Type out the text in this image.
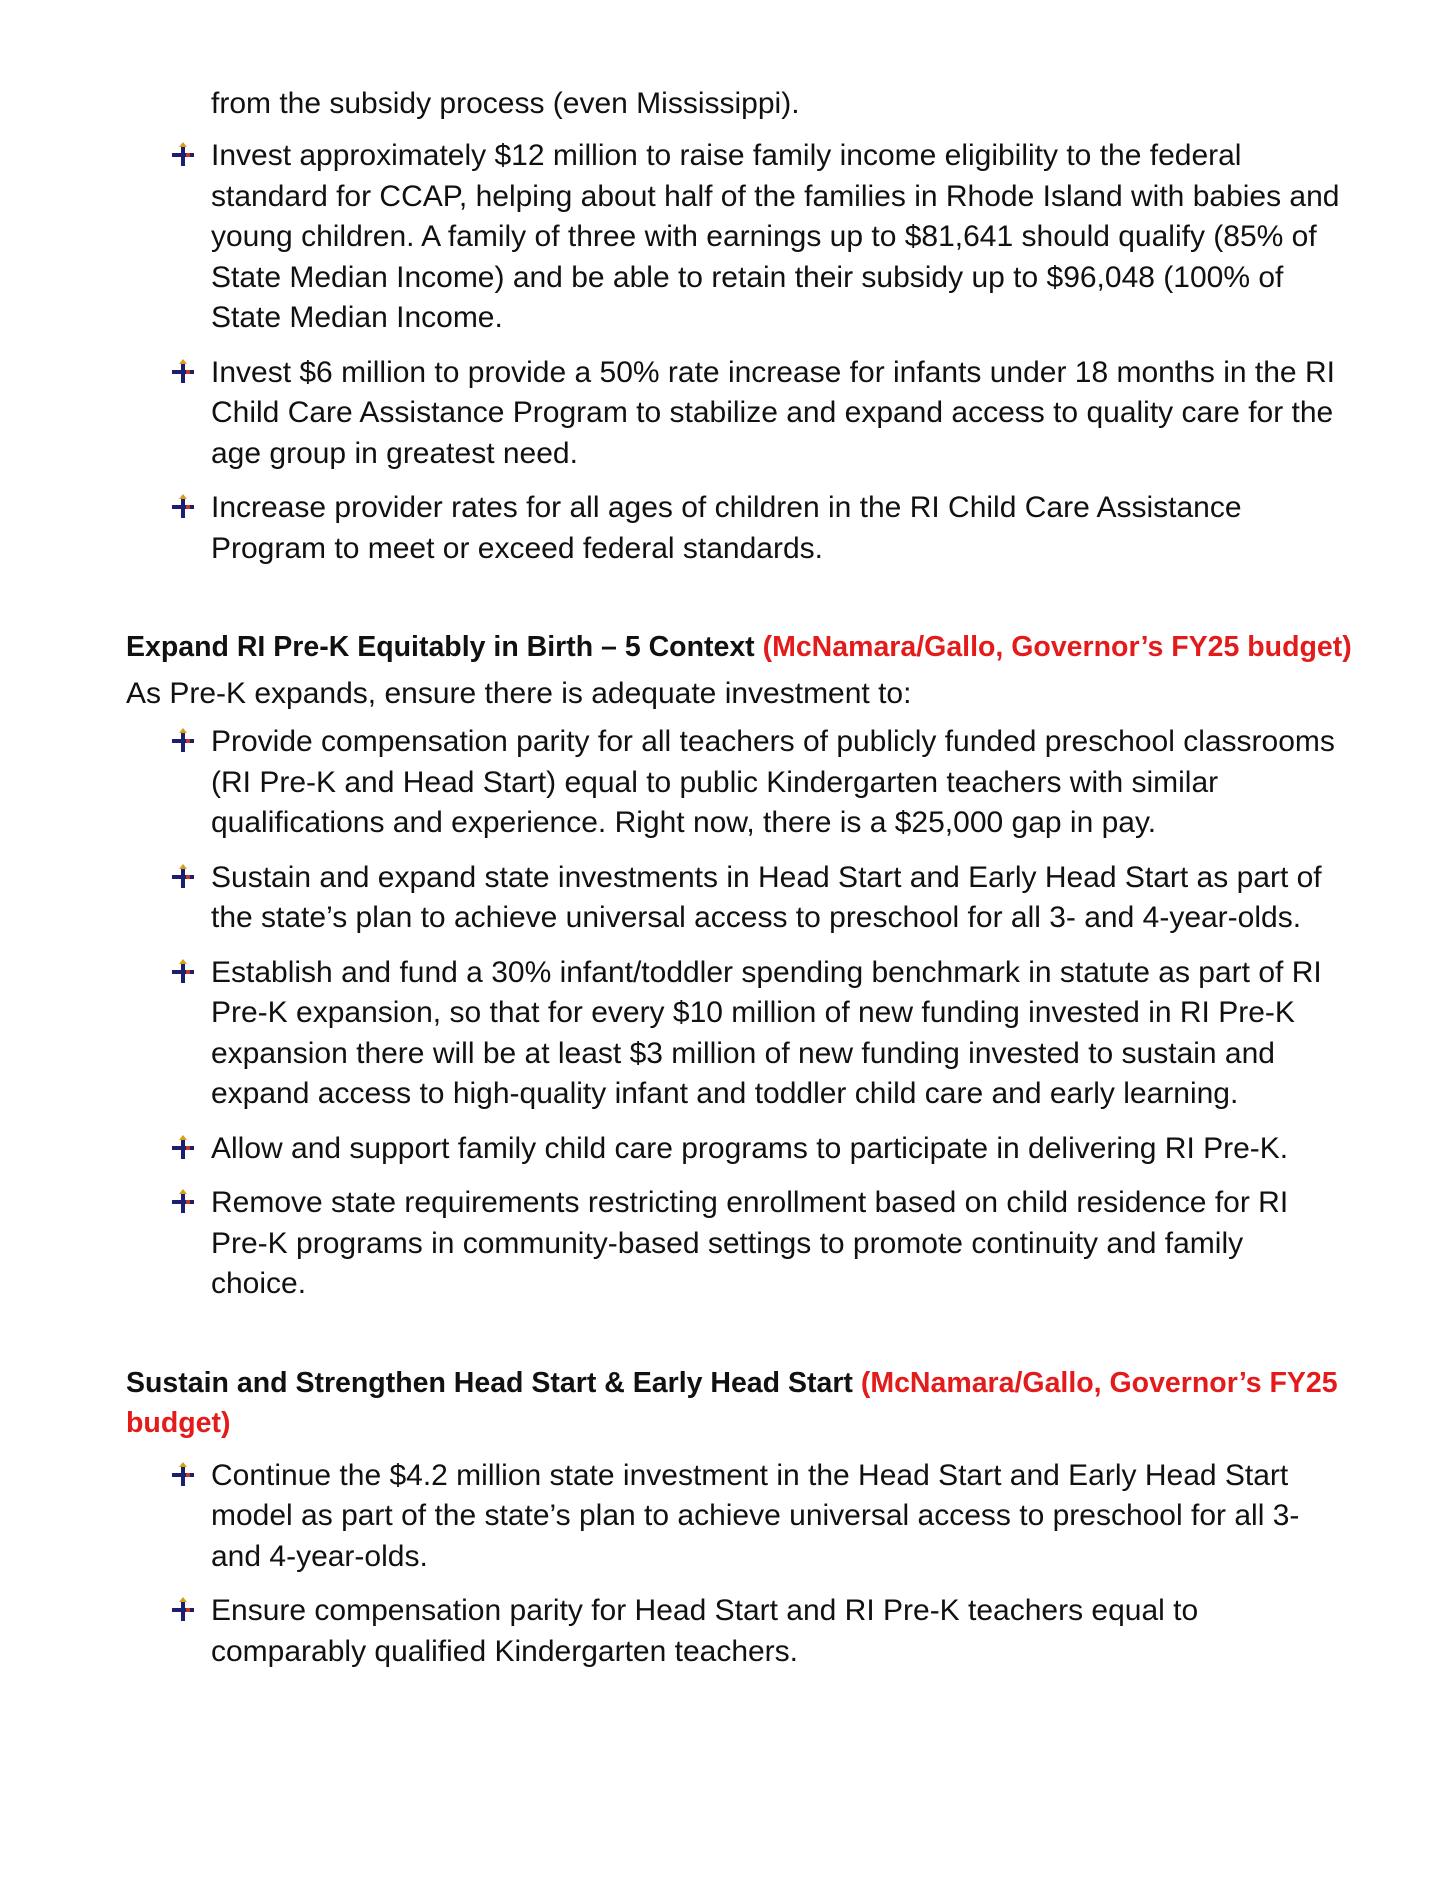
from the subsidy process (even Mississippi).

Invest approximately $12 million to raise family income eligibility to the federal standard for CCAP, helping about half of the families in Rhode Island with babies and young children. A family of three with earnings up to $81,641 should qualify (85% of State Median Income) and be able to retain their subsidy up to $96,048 (100% of State Median Income.
Invest $6 million to provide a 50% rate increase for infants under 18 months in the RI Child Care Assistance Program to stabilize and expand access to quality care for the age group in greatest need.
Increase provider rates for all ages of children in the RI Child Care Assistance Program to meet or exceed federal standards.
Expand RI Pre-K Equitably in Birth – 5 Context (McNamara/Gallo, Governor’s FY25 budget)

As Pre-K expands, ensure there is adequate investment to:

Provide compensation parity for all teachers of publicly funded preschool classrooms (RI Pre-K and Head Start) equal to public Kindergarten teachers with similar qualifications and experience. Right now, there is a $25,000 gap in pay.
Sustain and expand state investments in Head Start and Early Head Start as part of the state’s plan to achieve universal access to preschool for all 3- and 4-year-olds.
Establish and fund a 30% infant/toddler spending benchmark in statute as part of RI Pre-K expansion, so that for every $10 million of new funding invested in RI Pre-K expansion there will be at least $3 million of new funding invested to sustain and expand access to high-quality infant and toddler child care and early learning.
Allow and support family child care programs to participate in delivering RI Pre-K.
Remove state requirements restricting enrollment based on child residence for RI Pre-K programs in community-based settings to promote continuity and family choice.
Sustain and Strengthen Head Start & Early Head Start (McNamara/Gallo, Governor’s FY25 budget)
Continue the $4.2 million state investment in the Head Start and Early Head Start model as part of the state’s plan to achieve universal access to preschool for all 3- and 4-year-olds.
Ensure compensation parity for Head Start and RI Pre-K teachers equal to comparably qualified Kindergarten teachers.
